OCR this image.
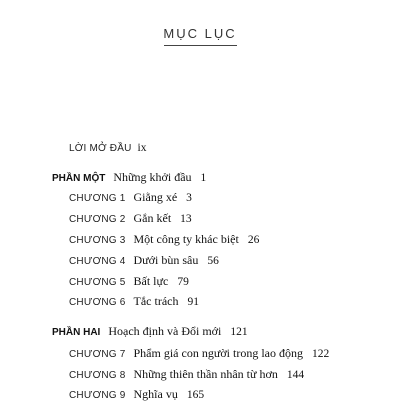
MỤC LỤC
LỜI MỞ ĐẦU ix
PHẦN MỘT Những khởi đầu 1
CHƯƠNG 1 Giằng xé 3
CHƯƠNG 2 Gắn kết 13
CHƯƠNG 3 Một công ty khác biệt 26
CHƯƠNG 4 Dưới bùn sâu 56
CHƯƠNG 5 Bất lực 79
CHƯƠNG 6 Tắc trách 91
PHẦN HAI Hoạch định và Đổi mới 121
CHƯƠNG 7 Phẩm giá con người trong lao động 122
CHƯƠNG 8 Những thiên thần nhân từ hơn 144
CHƯƠNG 9 Nghĩa vụ 165
